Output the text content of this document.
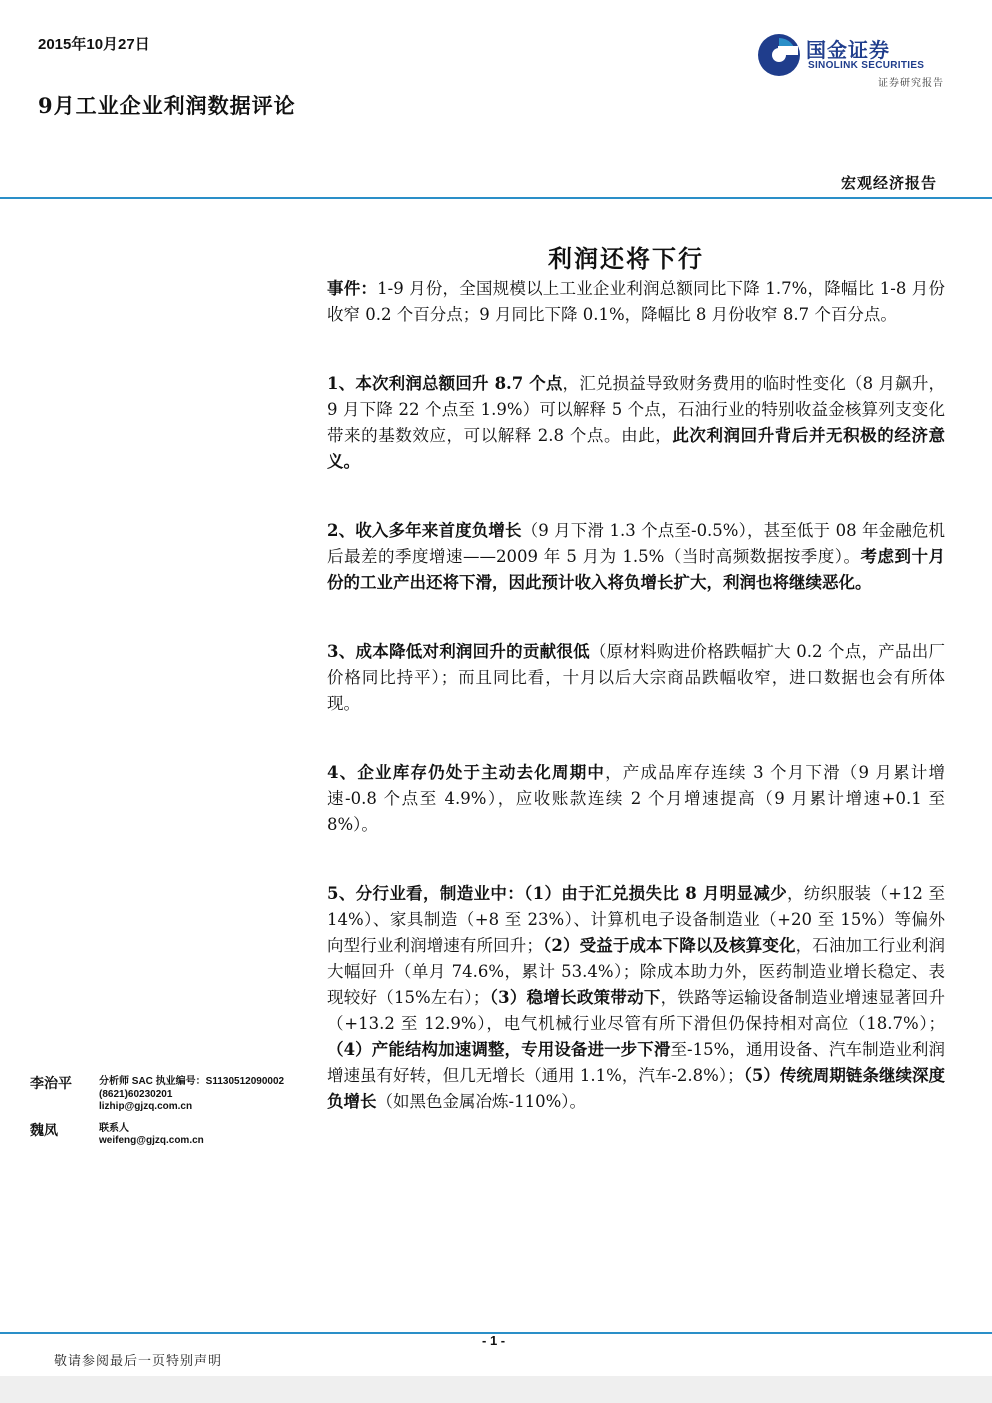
2015年10月27日
9月工业企业利润数据评论
国金证券
SINOLINK SECURITIES
证券研究报告
宏观经济报告
利润还将下行

事件：1-9 月份，全国规模以上工业企业利润总额同比下降 1.7%，降幅比 1-8 月份收窄 0.2 个百分点；9 月同比下降 0.1%，降幅比 8 月份收窄 8.7 个百分点。

1、本次利润总额回升 8.7 个点，汇兑损益导致财务费用的临时性变化（8 月飙升，9 月下降 22 个点至 1.9%）可以解释 5 个点，石油行业的特别收益金核算列支变化带来的基数效应，可以解释 2.8 个点。由此，此次利润回升背后并无积极的经济意义。

2、收入多年来首度负增长（9 月下滑 1.3 个点至-0.5%），甚至低于 08 年金融危机后最差的季度增速——2009 年 5 月为 1.5%（当时高频数据按季度）。考虑到十月份的工业产出还将下滑，因此预计收入将负增长扩大，利润也将继续恶化。

3、成本降低对利润回升的贡献很低（原材料购进价格跌幅扩大 0.2 个点，产品出厂价格同比持平）；而且同比看，十月以后大宗商品跌幅收窄，进口数据也会有所体现。

4、企业库存仍处于主动去化周期中，产成品库存连续 3 个月下滑（9 月累计增速-0.8 个点至 4.9%），应收账款连续 2 个月增速提高（9 月累计增速+0.1 至 8%）。

5、分行业看，制造业中：（1）由于汇兑损失比 8 月明显减少，纺织服装（+12 至 14%）、家具制造（+8 至 23%）、计算机电子设备制造业（+20 至 15%）等偏外向型行业利润增速有所回升；（2）受益于成本下降以及核算变化，石油加工行业利润大幅回升（单月 74.6%，累计 53.4%）；除成本助力外，医药制造业增长稳定、表现较好（15%左右）；（3）稳增长政策带动下，铁路等运输设备制造业增速显著回升（+13.2 至 12.9%），电气机械行业尽管有所下滑但仍保持相对高位（18.7%）；（4）产能结构加速调整，专用设备进一步下滑至-15%，通用设备、汽车制造业利润增速虽有好转，但几无增长（通用 1.1%，汽车-2.8%）；（5）传统周期链条继续深度负增长（如黑色金属冶炼-110%）。

李治平	分析师 SAC 执业编号：S1130512090002
(8621)60230201
lizhip@gjzq.com.cn
魏凤	联系人
weifeng@gjzq.com.cn
- 1 -
敬请参阅最后一页特别声明
